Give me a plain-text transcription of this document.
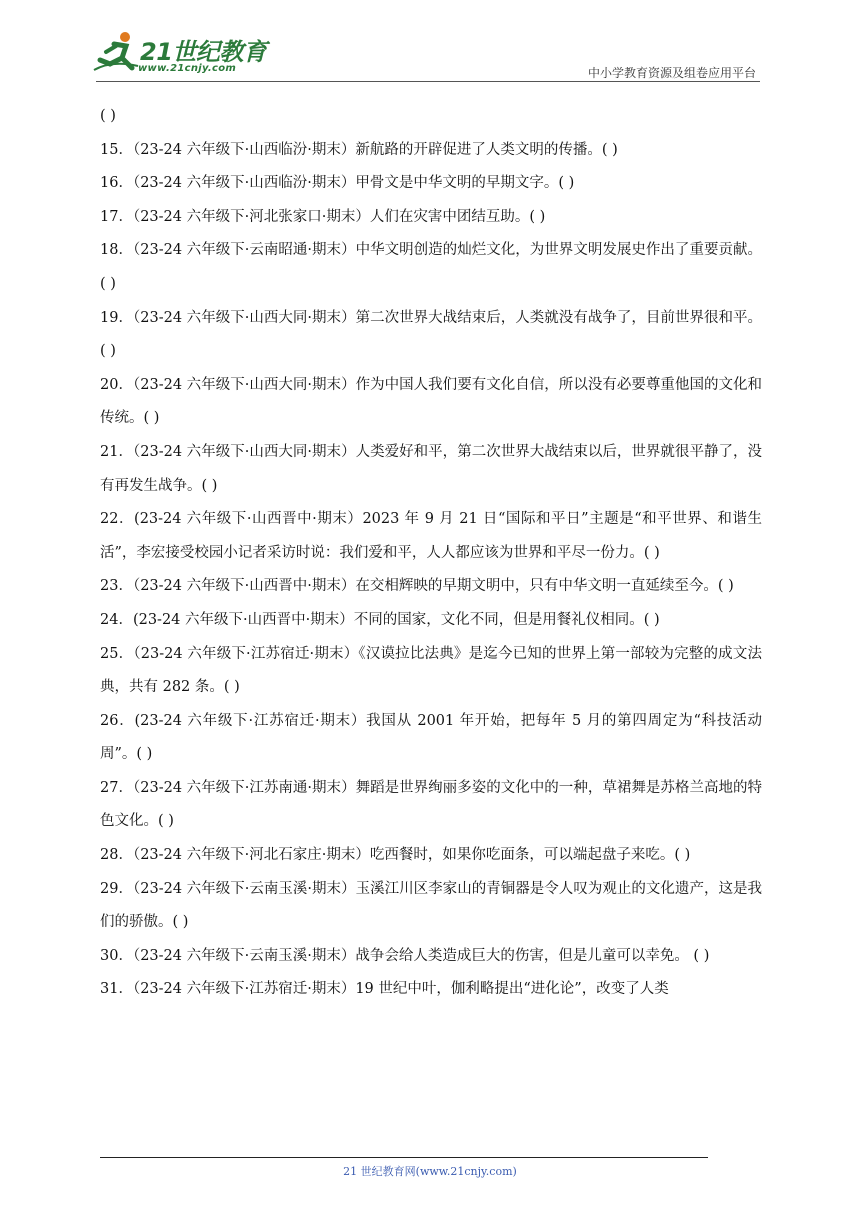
21世纪教育
www.21cnjy.com	中小学教育资源及组卷应用平台

( )

15．（23-24 六年级下·山西临汾·期末）新航路的开辟促进了人类文明的传播。( )

16．（23-24 六年级下·山西临汾·期末）甲骨文是中华文明的早期文字。( )

17．（23-24 六年级下·河北张家口·期末）人们在灾害中团结互助。( )

18．（23-24 六年级下·云南昭通·期末）中华文明创造的灿烂文化，为世界文明发展史作出了重要贡献。( )

19．（23-24 六年级下·山西大同·期末）第二次世界大战结束后，人类就没有战争了，目前世界很和平。( )

20．（23-24 六年级下·山西大同·期末）作为中国人我们要有文化自信，所以没有必要尊重他国的文化和传统。( )

21．（23-24 六年级下·山西大同·期末）人类爱好和平，第二次世界大战结束以后，世界就很平静了，没有再发生战争。( )

22．(23-24 六年级下·山西晋中·期末）2023 年 9 月 21 日“国际和平日”主题是“和平世界、和谐生活”，李宏接受校园小记者采访时说：我们爱和平，人人都应该为世界和平尽一份力。( )

23．（23-24 六年级下·山西晋中·期末）在交相辉映的早期文明中，只有中华文明一直延续至今。( )

24．(23-24 六年级下·山西晋中·期末）不同的国家，文化不同，但是用餐礼仪相同。( )

25．（23-24 六年级下·江苏宿迁·期末）《汉谟拉比法典》是迄今已知的世界上第一部较为完整的成文法典，共有 282 条。( )

26．(23-24 六年级下·江苏宿迁·期末）我国从 2001 年开始，把每年 5 月的第四周定为“科技活动周”。( )

27．（23-24 六年级下·江苏南通·期末）舞蹈是世界绚丽多姿的文化中的一种，草裙舞是苏格兰高地的特色文化。( )

28．（23-24 六年级下·河北石家庄·期末）吃西餐时，如果你吃面条，可以端起盘子来吃。( )

29．（23-24 六年级下·云南玉溪·期末）玉溪江川区李家山的青铜器是令人叹为观止的文化遗产，这是我们的骄傲。( )

30．（23-24 六年级下·云南玉溪·期末）战争会给人类造成巨大的伤害，但是儿童可以幸免。 ( )

31．（23-24 六年级下·江苏宿迁·期末）19 世纪中叶，伽利略提出“进化论”，改变了人类

21 世纪教育网(www.21cnjy.com)
